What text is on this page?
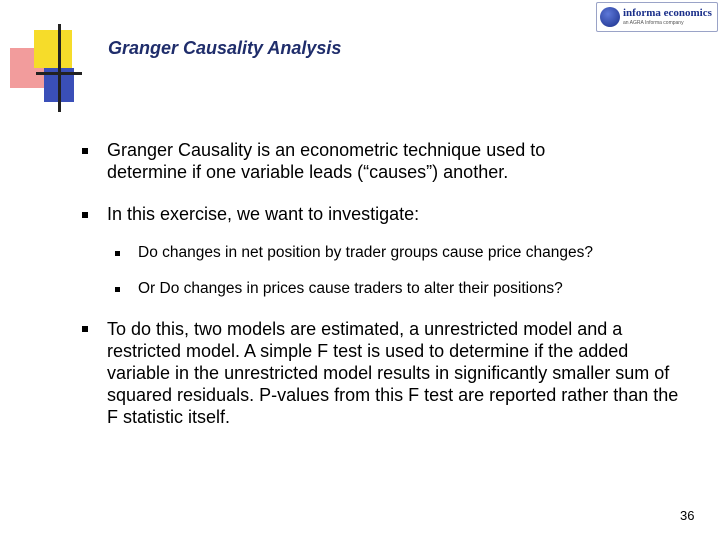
Granger Causality Analysis
informa economics
an AGRA Informa company
Granger Causality is an econometric technique used to determine if one variable leads (“causes”) another.
In this exercise, we want to investigate:
Do changes in net position by trader groups cause price changes?
Or Do changes in prices cause traders to alter their positions?
To do this, two models are estimated, a unrestricted model and a restricted model. A simple F test is used to determine if the added variable in the unrestricted model results in significantly smaller sum of squared residuals. P-values from this F test are reported rather than the F statistic itself.
36
